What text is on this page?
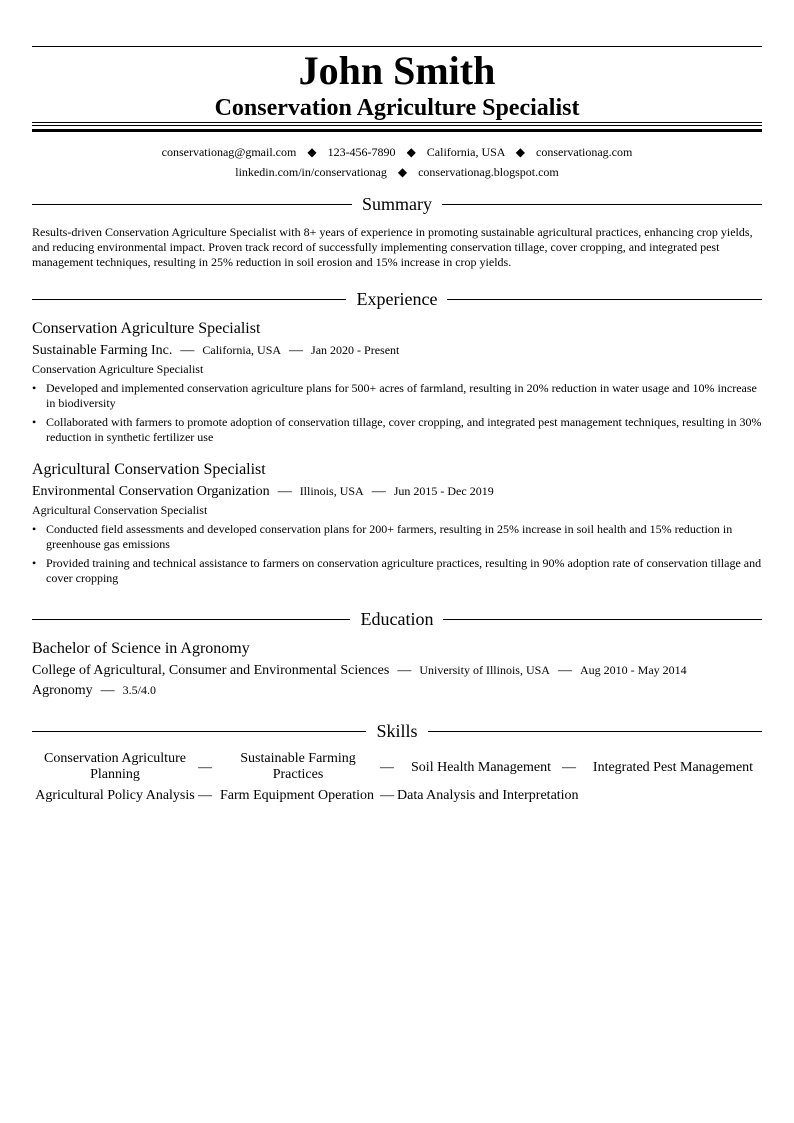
John Smith
Conservation Agriculture Specialist
conservationag@gmail.com ◆ 123-456-7890 ◆ California, USA ◆ conservationag.com
linkedin.com/in/conservationag ◆ conservationag.blogspot.com
Summary
Results-driven Conservation Agriculture Specialist with 8+ years of experience in promoting sustainable agricultural practices, enhancing crop yields, and reducing environmental impact. Proven track record of successfully implementing conservation tillage, cover cropping, and integrated pest management techniques, resulting in 25% reduction in soil erosion and 15% increase in crop yields.
Experience
Conservation Agriculture Specialist
Sustainable Farming Inc. — California, USA — Jan 2020 - Present
Conservation Agriculture Specialist
• Developed and implemented conservation agriculture plans for 500+ acres of farmland, resulting in 20% reduction in water usage and 10% increase in biodiversity
• Collaborated with farmers to promote adoption of conservation tillage, cover cropping, and integrated pest management techniques, resulting in 30% reduction in synthetic fertilizer use
Agricultural Conservation Specialist
Environmental Conservation Organization — Illinois, USA — Jun 2015 - Dec 2019
Agricultural Conservation Specialist
• Conducted field assessments and developed conservation plans for 200+ farmers, resulting in 25% increase in soil health and 15% reduction in greenhouse gas emissions
• Provided training and technical assistance to farmers on conservation agriculture practices, resulting in 90% adoption rate of conservation tillage and cover cropping
Education
Bachelor of Science in Agronomy
College of Agricultural, Consumer and Environmental Sciences — University of Illinois, USA — Aug 2010 - May 2014
Agronomy — 3.5/4.0
Skills
Conservation Agriculture Planning	—
Sustainable Farming Practices	—	Soil Health Management —	Integrated Pest Management
Agricultural Policy Analysis — Farm Equipment Operation — Data Analysis and Interpretation
